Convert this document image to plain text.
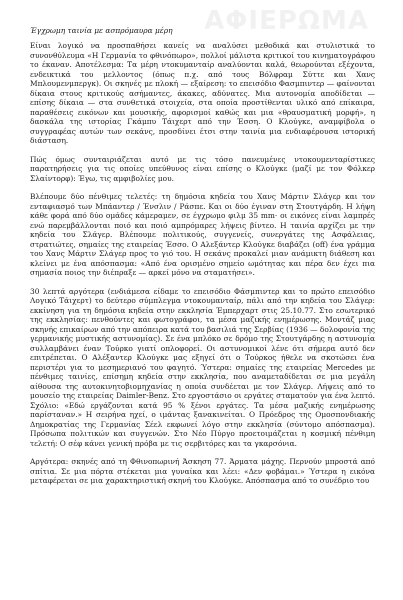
ΑΦΙΕΡΩΜΑ
Έγχρωμη ταινία με ασπρόμαυρα μέρη

Είναι λογικό να προσπαθήσει κανείς να αναλύσει μεθοδικά και στυλιστικά το συνονθύλευμα «Η Γερμανία το φθινόπωρο», πολλοί μάλιστα κριτικοί του κινηματογράφου το έκαναν. Αποτέλεσμα: Τα μέρη ντοκυμανταίρ αναλύονται καλά, θεωρούνται εξέχοντα, ενδεικτικά του μελλοντος (όπως π.χ. από τους Βόλφραμ Σύττε και Χανς Μπλουμενμπεργκ). Οι σκηνές με πλοκή — εξαίρεση: το επεισόδιο Φασμπιντερ — φαίνονται δίκαια στους κριτικούς ασήμαντες, άκακες, αδύνατες. Μια αυτονομία αποδίδεται — επίσης δίκαια — στα συνθετικά στοιχεία, στα οποία προστίθενται υλικό από επίκαιρα, παραθέσεις εικόνων και μουσικής, αφορισμοί καθώς και μια «θραυσματική μορφή», η δασκάλα της ιστορίας Γκάμπυ Τάιχερτ από την Έσση. Ο Κλούγκε, αναμφίβολα ο συγγραφέας αυτών των σεκάνς, προσδίνει έτσι στην ταινία μια ενδιαφέρουσα ιστορική διάσταση.

Πώς όμως συνταιριάζεται αυτό με τις τόσο πανευμένες ντοκουμενταρίστικες παρατηρήσεις για τις οποίες υπεύθυνος είναι επίσης ο Κλούγκε (μαζί με τον Φόλκερ Σλαίντορφ): Έγω, τις αμφιβολίες μου.

Βλέπουμε δύο πένθιμες τελετές: τη δημόσια κηδεία του Χανς Μάρτιν Σλάγερ και τον ενταφιασμό των Μπάαντερ / Ένσλιν / Ράσπε. Και οι δύο έγιναν στη Στουτγάρδη. Η λήψη κάθε φορά από δύο ομάδες κάμεραμεν, σε έγχρωμο φιλμ 35 mm· οι εικόνες είναι λαμπρές ενώ παρεμβάλλονται ποιό και ποιό αμπρόμαρες λήψεις βίντεο. Η ταινία αρχίζει με την κηδεία του Σλάγερ. Βλέπουμε πολιτικούς, συγγενείς, συνεργάτες της Ασφάλειας, στρατιώτες, σημαίες της εταιρείας Έσσο. Ο Αλεξάντερ Κλούγκε διαβάζει (off) ένα γράμμα του Χανς Μάρτιν Σλάγερ προς το γιό του. Η σεκάνς προκαλεί μιαν ανάμικτη διάθεση και κλείνει με ένα απόσπασμα: «Από ένα ορισμένο σημείο ωμότητας και πέρα δεν έχει πια σημασία ποιος την διέπραξε — αρκεί μόνο να σταματήσει».

30 λεπτά αργότερα (ενδιάμεσα είδαμε το επεισόδιο Φάσμπιντερ και το πρώτο επεισόδιο Λογικό Τάιχερτ) το δεύτερο σύμπλεγμα ντοκουμανταίρ, πάλι από την κηδεία του Σλάγερ: εκκίνηση για τη δημόσια κηδεία στην εκκλησία Έμπερχαρτ στις 25.10.77. Στο εσωτερικό της εκκλησίας: πενθούντες και φωτογράφοι, τα μέσα μαζικής ενημέρωσης. Μοντάζ μιας σκηνής επικαίρων από την απόπειρα κατά του βασιλιά της Σερβίας (1936 — δολοφονία της γερμανικής μυστικής αστυνομίας). Σε ένα μπλόκο σε δρόμο της Στουτγάρδης η αστυνομία συλλαμβάνει έναν Τούρκο γιατί οπλοφορεί. Οι αστυνομικοί λένε ότι σήμερα αυτό δεν επιτρέπεται. Ο Αλέξαντερ Κλούγκε μας εξηγεί ότι ο Τούρκος ήθελε να σκοτώσει ένα περιστέρι για το μεσημεριανό του φαγητό. Ύστερα: σημαίες της εταιρείας Mercedes με πένθιμες ταινίες, επίσημη κηδεία στην εκκλησία, που αναμεταδίδεται σε μια μεγάλη αίθουσα της αυτοκινητοβιομηχανίας η οποία συνδέεται με τον Σλάγερ. Λήψεις από το μουσείο της εταιρείας Daimler-Benz. Στο εργοστάσιο οι εργάτες σταματούν για ένα λεπτό. Σχόλιο: «Εδώ εργάζονται κατά 95 % ξένοι εργάτες. Τα μέσα μαζικής ενημέρωσης παρίσταναν.» Η σειρήνα ηχεί, ο ιμάντας ξανακινείται. Ο Πρόεδρος της Ομοσπονδιακής Δημοκρατίας της Γερμανίας Σέελ εκφωνεί λόγο στην εκκλησία (σύντομο απόσπασμα). Πρόσωπα πολιτικών και συγγενών. Στο Νέο Πύργο προετοιμάζεται η κοσμική πένθιμη τελετή: Ο σέφ κάνει γενική πρόβα με τις σερβιτόρες και τα γκαρσόνια.

Αργότερα: σκηνές από τη Φθινοπωρινή Άσκηση 77. Άρματα μάχης. Περνούν μπροστά από σπίτια. Σε μια πόρτα στέκεται μια γυναίκα και λέει: «Δεν φοβάμαι.» Ύστερα η εικόνα μεταφέρεται σε μια χαρακτηριστική σκηνή του Κλούγκε. Απόσπασμα από το συνέδριο του
